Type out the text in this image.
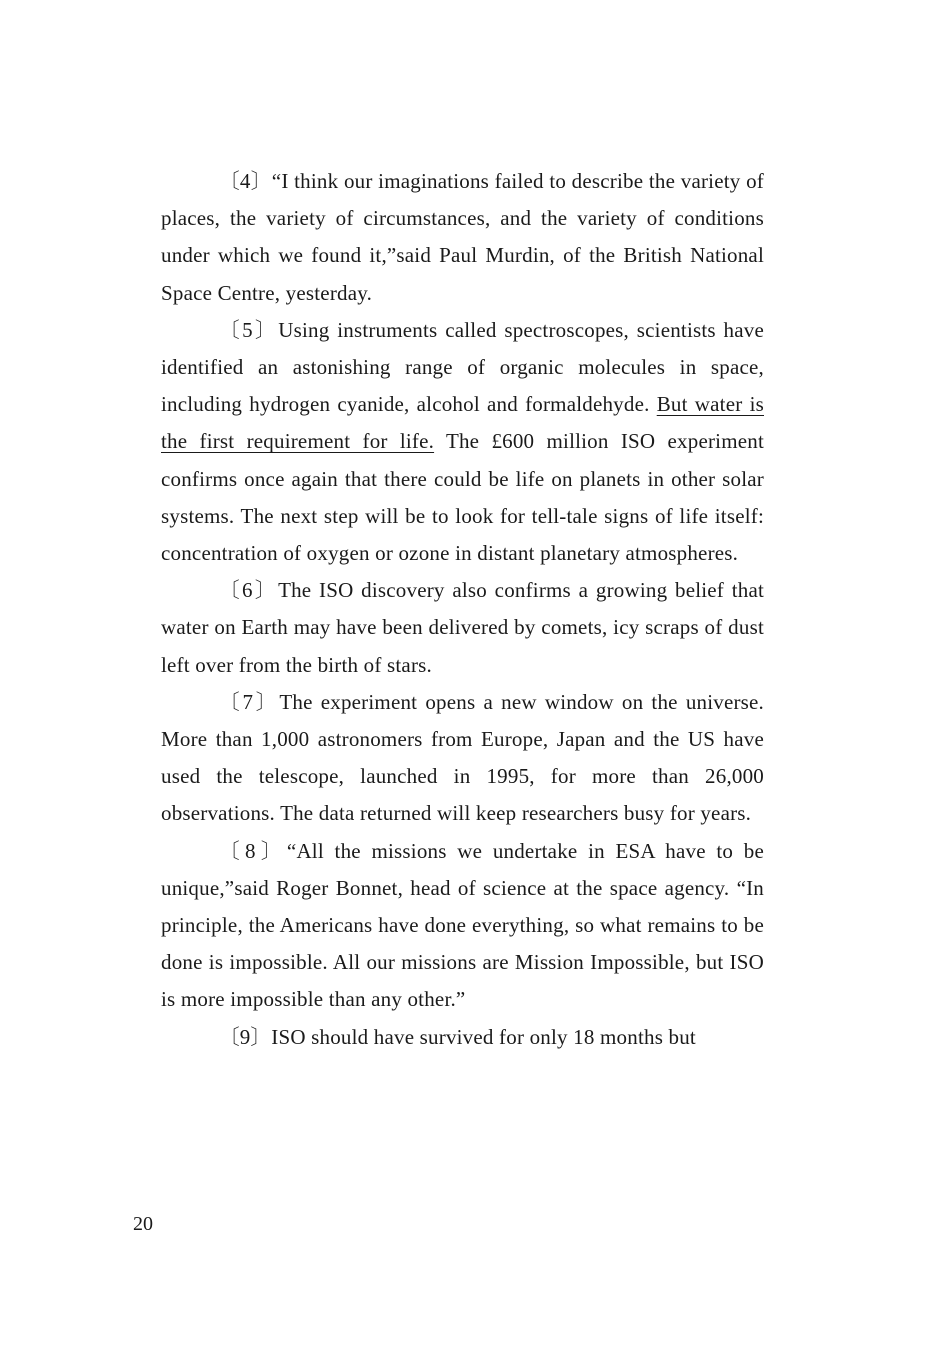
〔4〕“I think our imaginations failed to describe the variety of places, the variety of circumstances, and the variety of conditions under which we found it,”said Paul Murdin, of the British National Space Centre, yesterday.

〔5〕Using instruments called spectroscopes, scientists have identified an astonishing range of organic molecules in space, including hydrogen cyanide, alcohol and formaldehyde. But water is the first requirement for life. The £600 million ISO experiment confirms once again that there could be life on planets in other solar systems. The next step will be to look for tell-tale signs of life itself: concentration of oxygen or ozone in distant planetary atmospheres.

〔6〕The ISO discovery also confirms a growing belief that water on Earth may have been delivered by comets, icy scraps of dust left over from the birth of stars.

〔7〕The experiment opens a new window on the universe. More than 1,000 astronomers from Europe, Japan and the US have used the telescope, launched in 1995, for more than 26,000 observations. The data returned will keep researchers busy for years.

〔8〕“All the missions we undertake in ESA have to be unique,”said Roger Bonnet, head of science at the space agency. “In principle, the Americans have done everything, so what remains to be done is impossible. All our missions are Mission Impossible, but ISO is more impossible than any other.”

〔9〕ISO should have survived for only 18 months but

20
